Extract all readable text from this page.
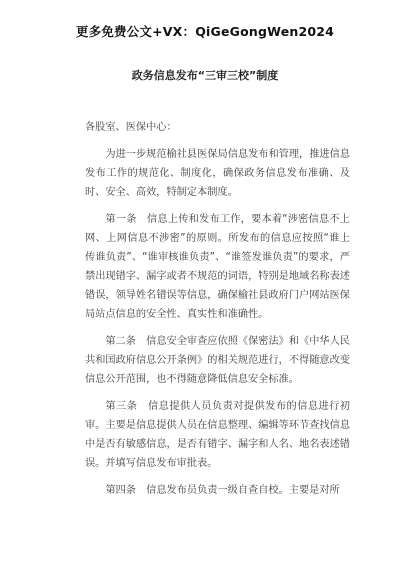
更多免费公文+VX：QiGeGongWen2024
政务信息发布“三审三校”制度

各股室、医保中心：

为进一步规范榆社县医保局信息发布和管理，推进信息发布工作的规范化、制度化，确保政务信息发布准确、及时、安全、高效，特制定本制度。

第一条　信息上传和发布工作，要本着“涉密信息不上网、上网信息不涉密”的原则。所发布的信息应按照“谁上传谁负责”、“谁审核谁负责”、“谁签发谁负责”的要求，严禁出现错字、漏字或者不规范的词语，特别是地域名称表述错误，领导姓名错误等信息，确保榆社县政府门户网站医保局站点信息的安全性、真实性和准确性。

第二条　信息安全审查应依照《保密法》和《中华人民共和国政府信息公开条例》的相关规范进行，不得随意改变信息公开范围，也不得随意降低信息安全标准。

第三条　信息提供人员负责对提供发布的信息进行初审。主要是信息提供人员在信息整理、编辑等环节查找信息中是否有敏感信息，是否有错字、漏字和人名、地名表述错误。并填写信息发布审批表。

第四条　信息发布员负责一级自查自校。主要是对所
